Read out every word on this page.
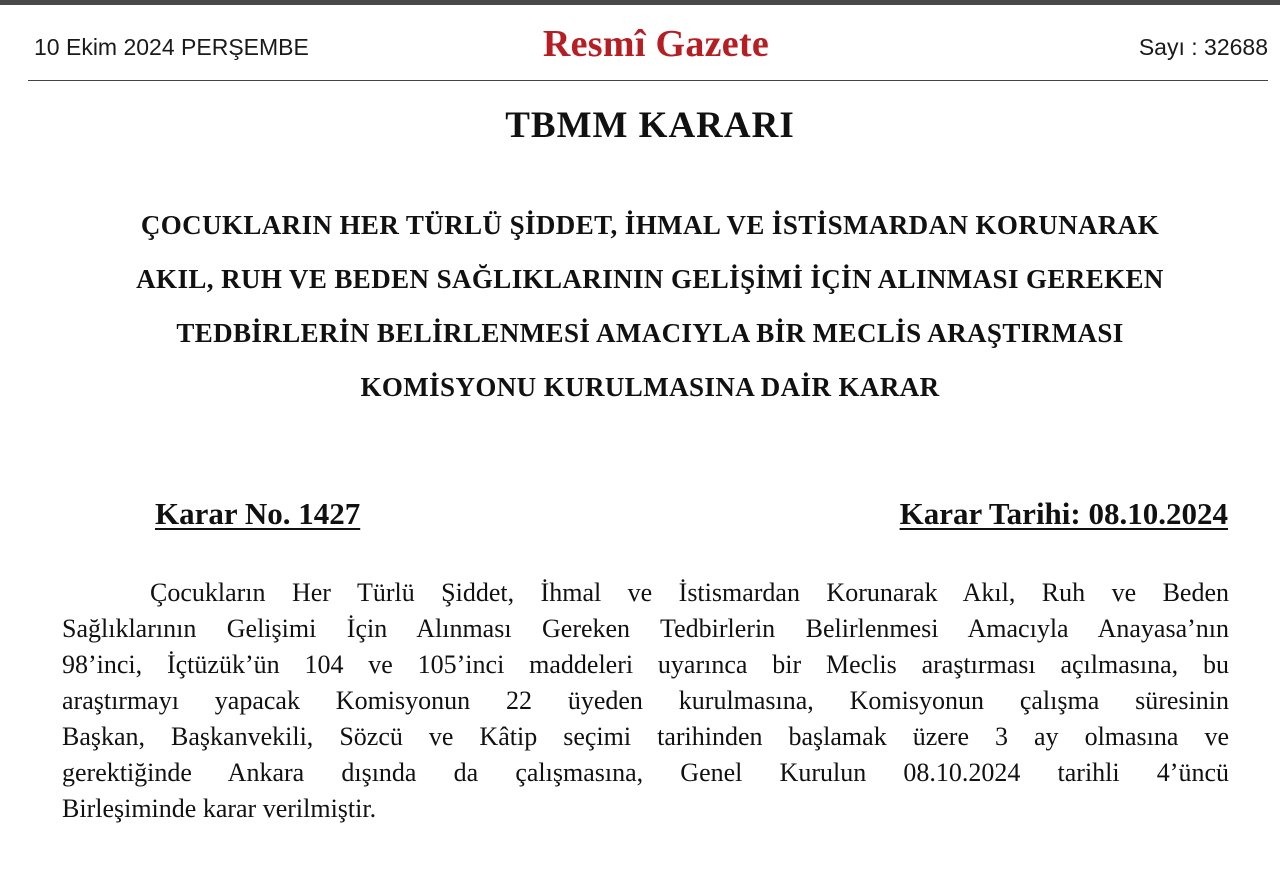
10 Ekim 2024 PERŞEMBE	Resmî Gazete	Sayı : 32688
TBMM KARARI
ÇOCUKLARIN HER TÜRLÜ ŞİDDET, İHMAL VE İSTİSMARDAN KORUNARAK
AKIL, RUH VE BEDEN SAĞLIKLARININ GELİŞİMİ İÇİN ALINMASI GEREKEN
TEDBİRLERİN BELİRLENMESİ AMACIYLA BİR MECLİS ARAŞTIRMASI
KOMİSYONU KURULMASINA DAİR KARAR
Karar No. 1427	Karar Tarihi: 08.10.2024
Çocukların Her Türlü Şiddet, İhmal ve İstismardan Korunarak Akıl, Ruh ve Beden
Sağlıklarının Gelişimi İçin Alınması Gereken Tedbirlerin Belirlenmesi Amacıyla Anayasa’nın
98’inci, İçtüzük’ün 104 ve 105’inci maddeleri uyarınca bir Meclis araştırması açılmasına, bu
araştırmayı yapacak Komisyonun 22 üyeden kurulmasına, Komisyonun çalışma süresinin
Başkan, Başkanvekili, Sözcü ve Kâtip seçimi tarihinden başlamak üzere 3 ay olmasına ve
gerektiğinde Ankara dışında da çalışmasına, Genel Kurulun 08.10.2024 tarihli 4’üncü
Birleşiminde karar verilmiştir.
